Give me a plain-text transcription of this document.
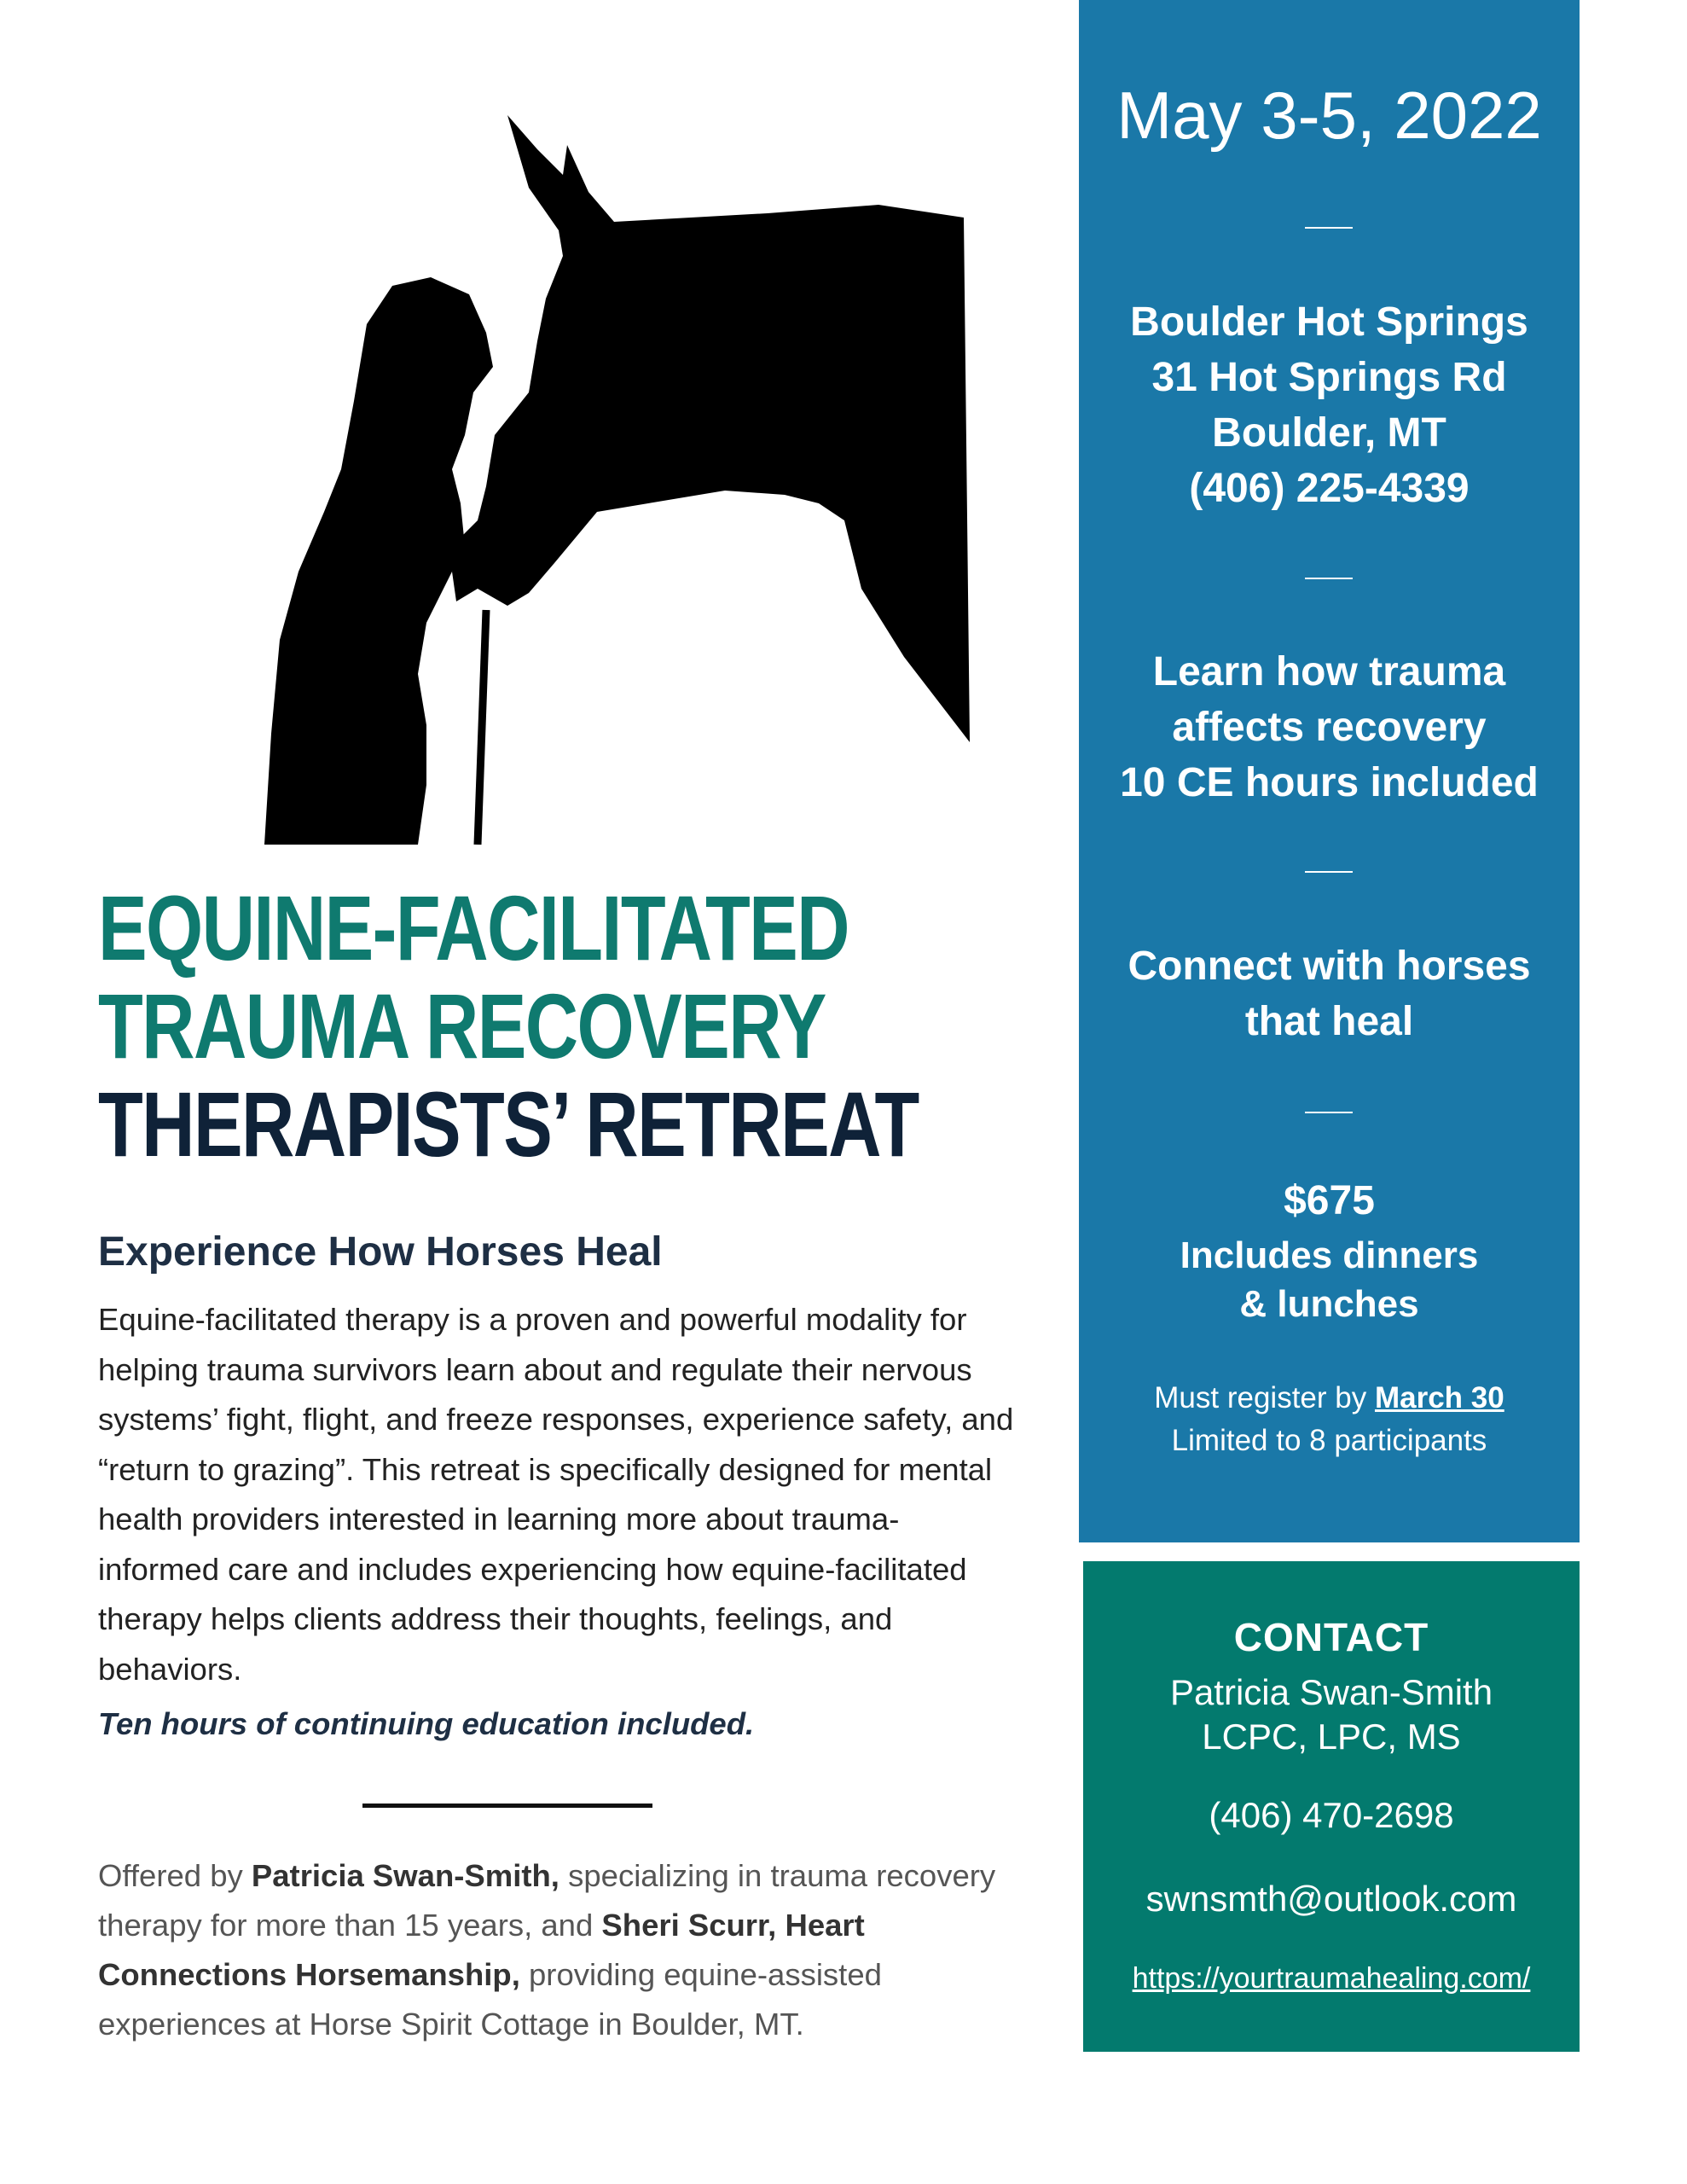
EQUINE-FACILITATED
TRAUMA RECOVERY
THERAPISTS’ RETREAT
Experience How Horses Heal

Equine-facilitated therapy is a proven and powerful modality for helping trauma survivors learn about and regulate their nervous systems’ fight, flight, and freeze responses, experience safety, and “return to grazing”. This retreat is specifically designed for mental health providers interested in learning more about trauma-informed care and includes experiencing how equine-facilitated therapy helps clients address their thoughts, feelings, and behaviors.

Ten hours of continuing education included.

Offered by Patricia Swan-Smith, specializing in trauma recovery therapy for more than 15 years, and Sheri Scurr, Heart Connections Horsemanship, providing equine-assisted experiences at Horse Spirit Cottage in Boulder, MT.

May 3-5, 2022
Boulder Hot Springs
31 Hot Springs Rd
Boulder, MT
(406) 225-4339
Learn how trauma
affects recovery
10 CE hours included
Connect with horses
that heal
$675
Includes dinners
& lunches
Must register by March 30
Limited to 8 participants
CONTACT
Patricia Swan-Smith
LCPC, LPC, MS
(406) 470-2698
swnsmth@outlook.com
https://yourtraumahealing.com/
